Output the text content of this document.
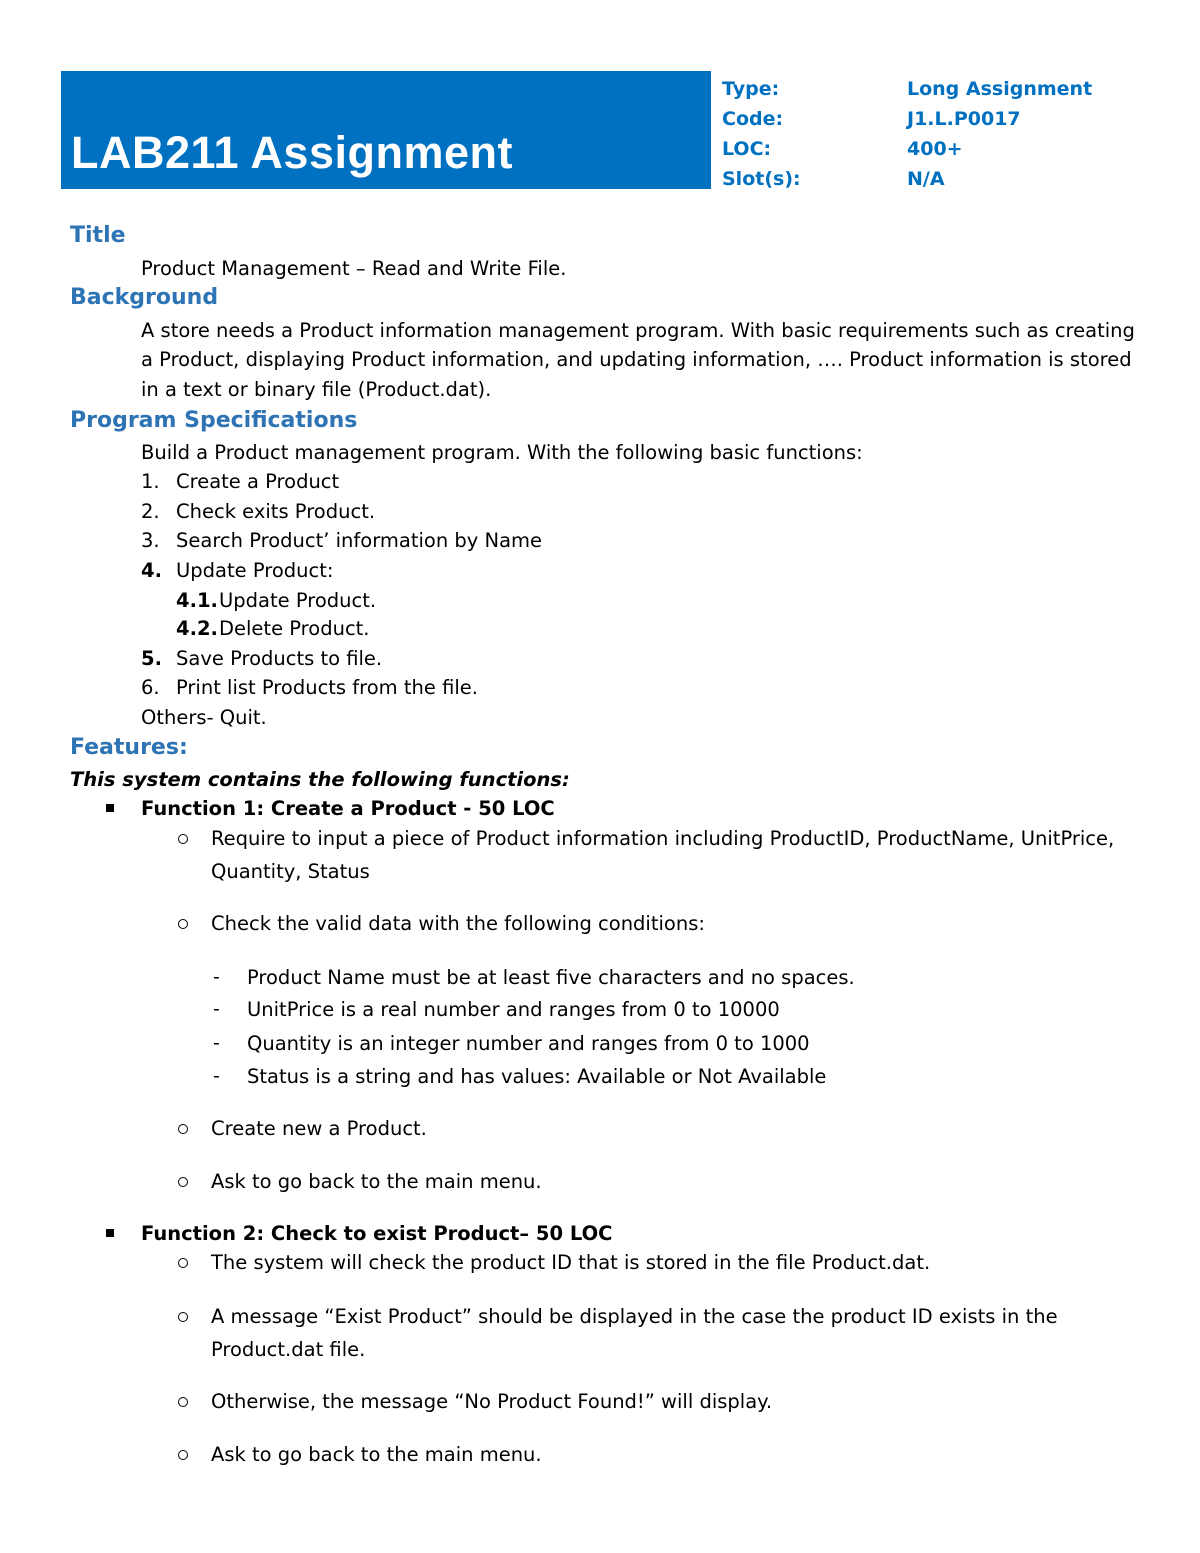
LAB211 Assignment
Type:	Long Assignment
Code:	J1.L.P0017
LOC:	400+
Slot(s):	N/A
Title
Product Management – Read and Write File.
Background
A store needs a Product information management program. With basic requirements such as creating
a Product, displaying Product information, and updating information, …. Product information is stored
in a text or binary file (Product.dat).
Program Specifications
Build a Product management program. With the following basic functions:
1. Create a Product
2. Check exits Product.
3. Search Product’ information by Name
4. Update Product:
4.1. Update Product.
4.2. Delete Product.
5. Save Products to file.
6. Print list Products from the file.
Others- Quit.
Features:
This system contains the following functions:
Function 1: Create a Product - 50 LOC
Require to input a piece of Product information including ProductID, ProductName, UnitPrice,
Quantity, Status
Check the valid data with the following conditions:
- Product Name must be at least five characters and no spaces.
- UnitPrice is a real number and ranges from 0 to 10000
- Quantity is an integer number and ranges from 0 to 1000
- Status is a string and has values: Available or Not Available
Create new a Product.
Ask to go back to the main menu.
Function 2: Check to exist Product– 50 LOC
The system will check the product ID that is stored in the file Product.dat.
A message “Exist Product” should be displayed in the case the product ID exists in the
Product.dat file.
Otherwise, the message “No Product Found!” will display.
Ask to go back to the main menu.
